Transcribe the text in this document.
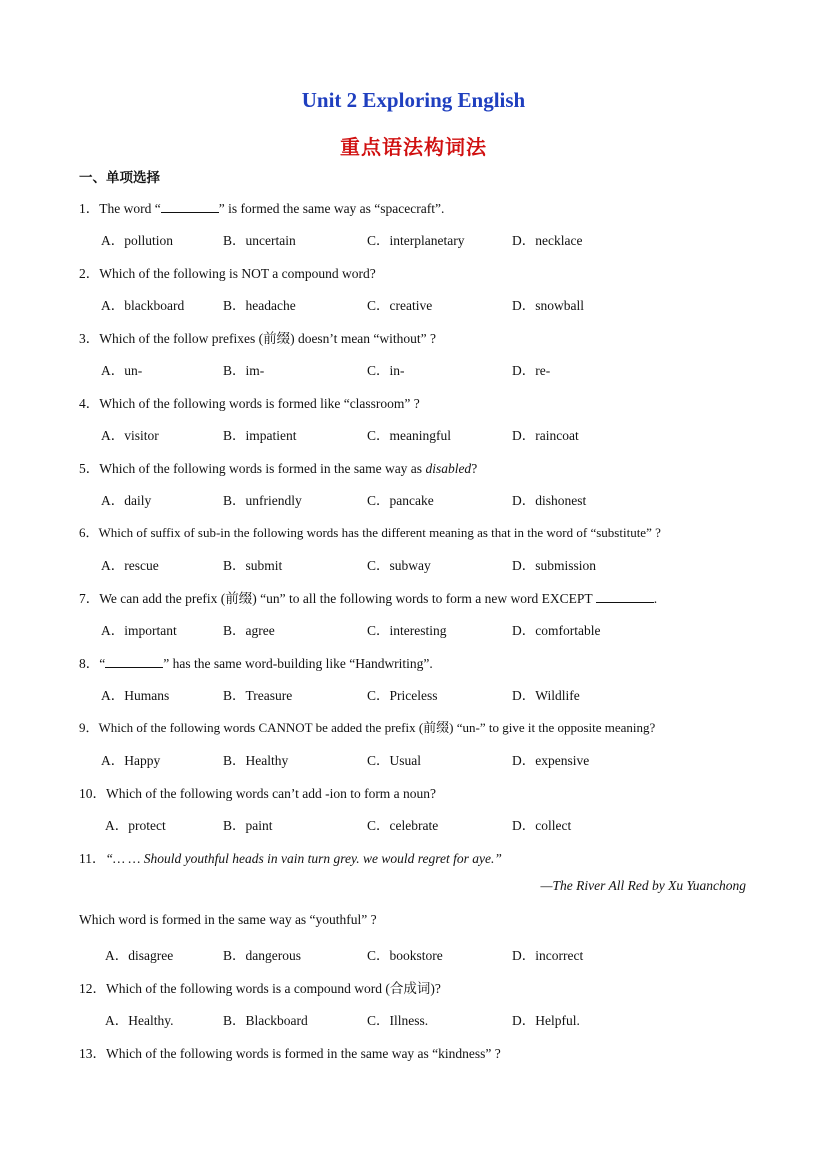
Unit 2 Exploring English
重点语法构词法
一、单项选择
1．The word “	” is formed the same way as “spacecraft”.
A．pollution	B．uncertain	C．interplanetary	D．necklace
2．Which of the following is NOT a compound word?
A．blackboard	B．headache	C．creative	D．snowball
3．Which of the follow prefixes (前缀) doesn’t mean “without” ?
A．un-	B．im-	C．in-	D．re-
4．Which of the following words is formed like “classroom” ?
A．visitor	B．impatient	C．meaningful	D．raincoat
5．Which of the following words is formed in the same way as disabled?
A．daily	B．unfriendly	C．pancake	D．dishonest
6．Which of suffix of sub-in the following words has the different meaning as that in the word of “substitute” ?
A．rescue	B．submit	C．subway	D．submission
7．We can add the prefix (前缀) “un” to all the following words to form a new word EXCEPT	.
A．important	B．agree	C．interesting	D．comfortable
8．“	” has the same word-building like “Handwriting”.
A．Humans	B．Treasure	C．Priceless	D．Wildlife
9．Which of the following words CANNOT be added the prefix (前缀) “un-” to give it the opposite meaning?
A．Happy	B．Healthy	C．Usual	D．expensive
10．Which of the following words can’t add -ion to form a noun?
A．protect	B．paint	C．celebrate	D．collect
11．“… … Should youthful heads in vain turn grey. we would regret for aye.”
—The River All Red by Xu Yuanchong
Which word is formed in the same way as “youthful” ?
A．disagree	B．dangerous	C．bookstore	D．incorrect
12．Which of the following words is a compound word (合成词)?
A．Healthy.	B．Blackboard	C．Illness.	D．Helpful.
13．Which of the following words is formed in the same way as “kindness” ?
